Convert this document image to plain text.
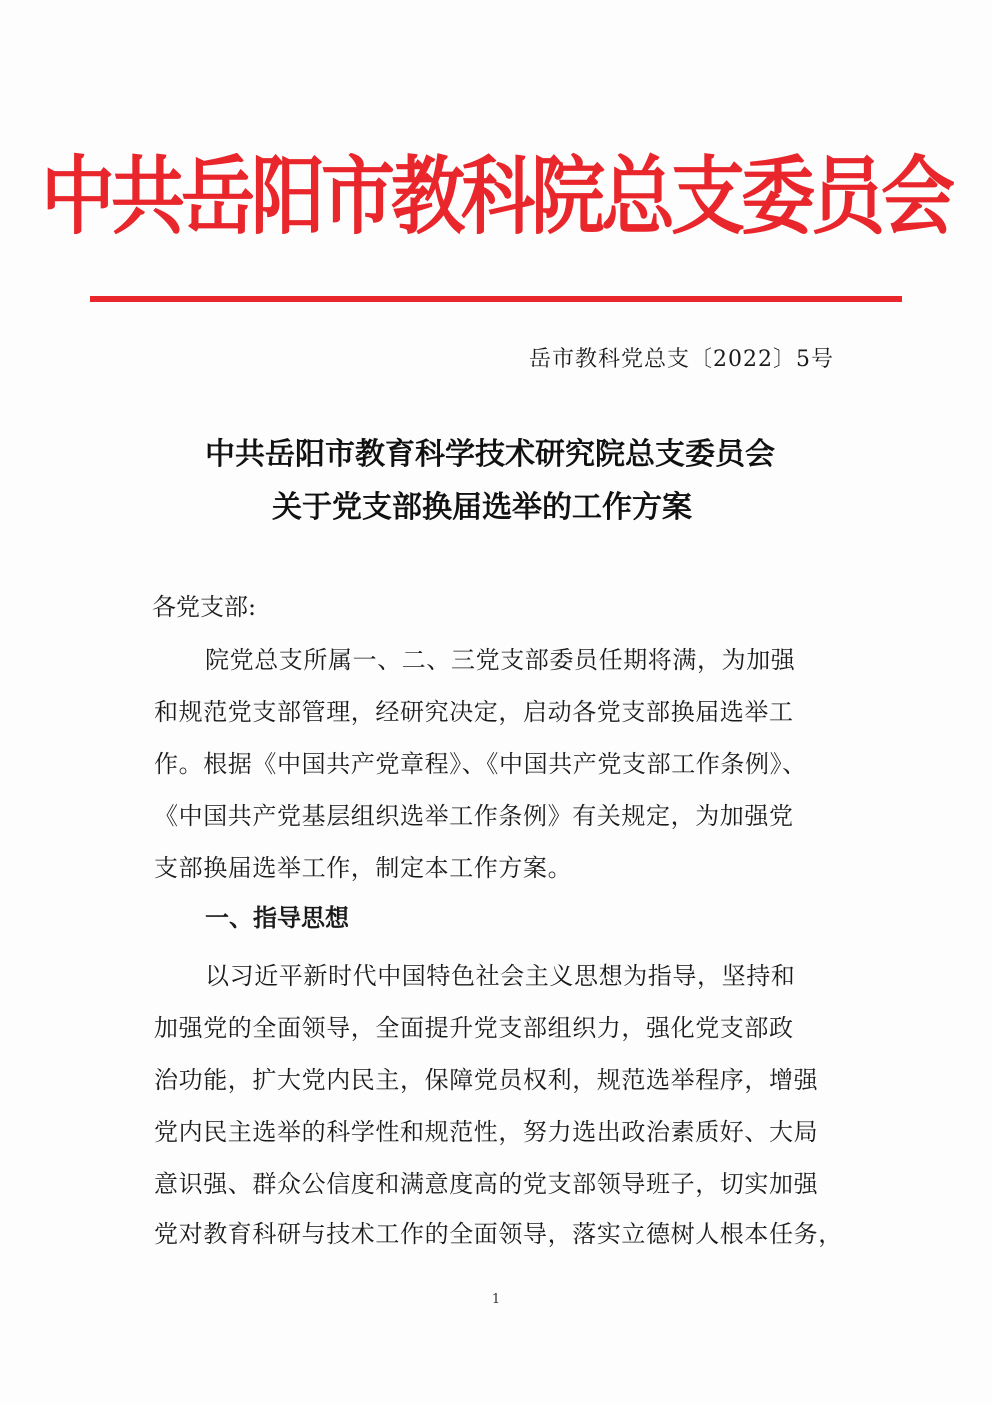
中共岳阳市教科院总支委员会
岳市教科党总支〔2022〕5号
中共岳阳市教育科学技术研究院总支委员会
关于党支部换届选举的工作方案
各党支部:
院党总支所属一、二、三党支部委员任期将满，为加强
和规范党支部管理，经研究决定，启动各党支部换届选举工
作。根据《中国共产党章程》、《中国共产党支部工作条例》、
《中国共产党基层组织选举工作条例》有关规定，为加强党
支部换届选举工作，制定本工作方案。
一、指导思想
以习近平新时代中国特色社会主义思想为指导，坚持和
加强党的全面领导，全面提升党支部组织力，强化党支部政
治功能，扩大党内民主，保障党员权利，规范选举程序，增强
党内民主选举的科学性和规范性，努力选出政治素质好、大局
意识强、群众公信度和满意度高的党支部领导班子，切实加强
党对教育科研与技术工作的全面领导，落实立德树人根本任务，
1
